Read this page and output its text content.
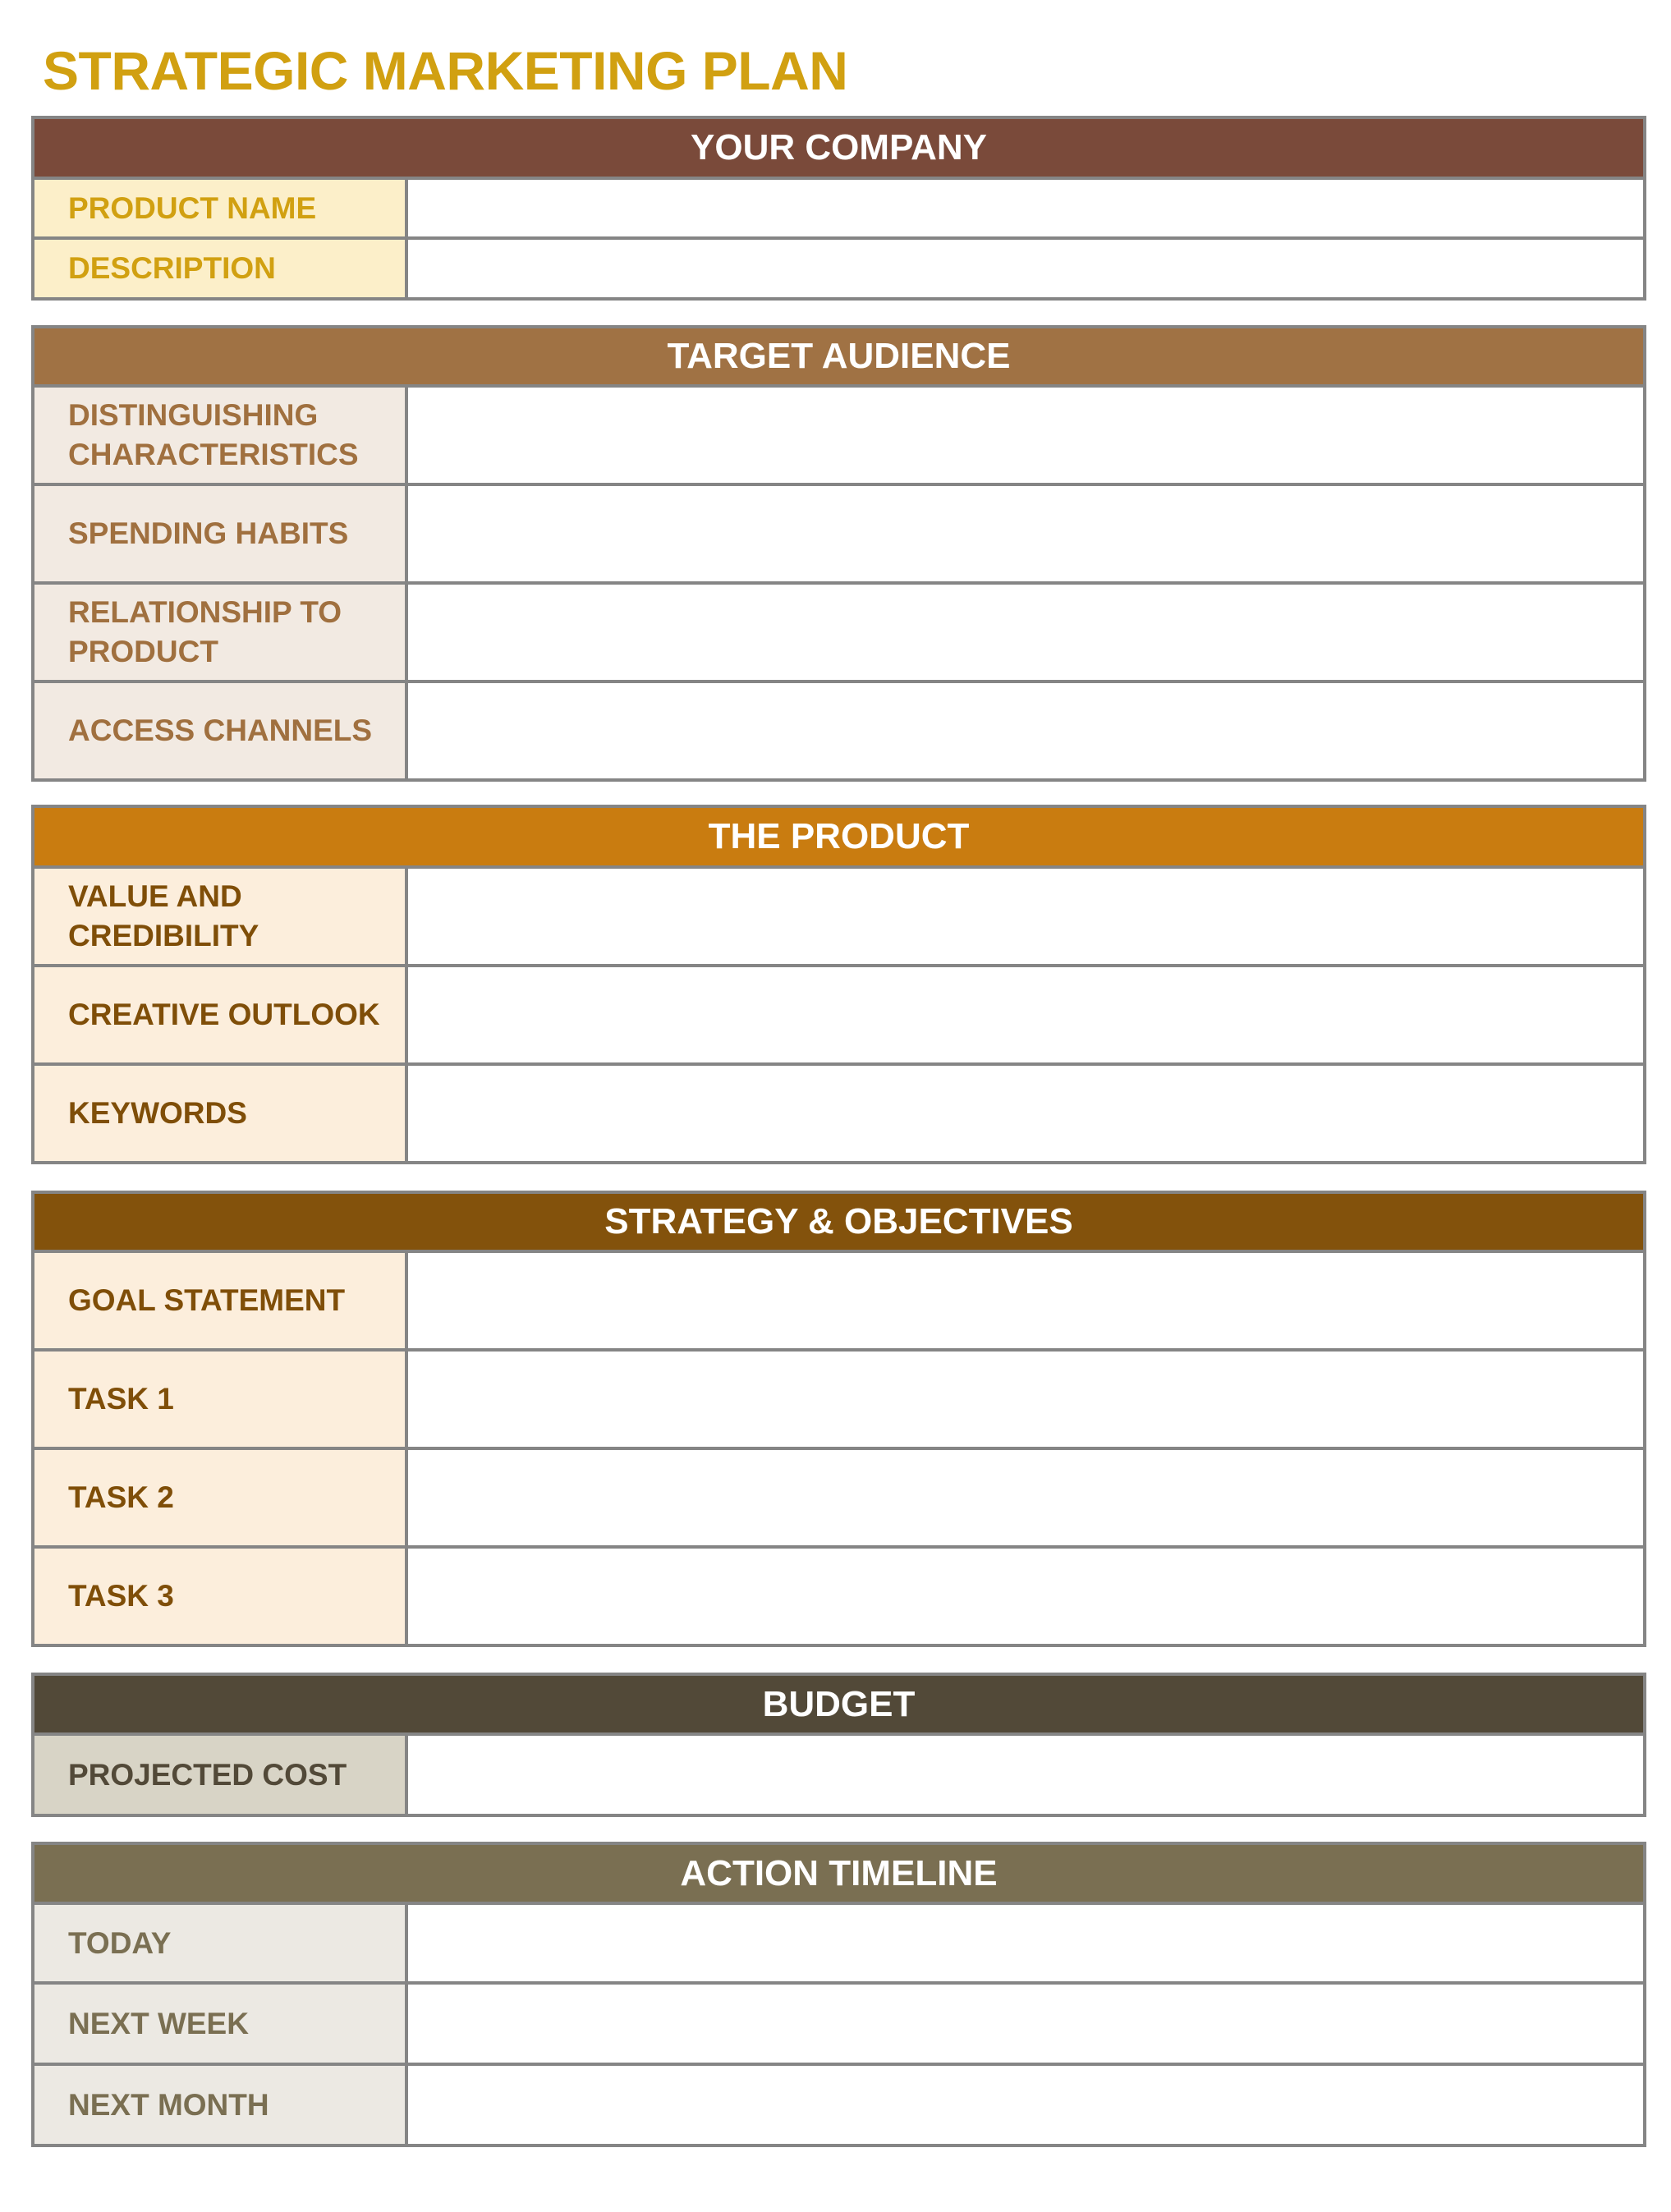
STRATEGIC MARKETING PLAN
YOUR COMPANY
PRODUCT NAME
DESCRIPTION
TARGET AUDIENCE
DISTINGUISHING CHARACTERISTICS
SPENDING HABITS
RELATIONSHIP TO PRODUCT
ACCESS CHANNELS
THE PRODUCT
VALUE AND CREDIBILITY
CREATIVE OUTLOOK
KEYWORDS
STRATEGY & OBJECTIVES
GOAL STATEMENT
TASK 1
TASK 2
TASK 3
BUDGET
PROJECTED COST
ACTION TIMELINE
TODAY
NEXT WEEK
NEXT MONTH
